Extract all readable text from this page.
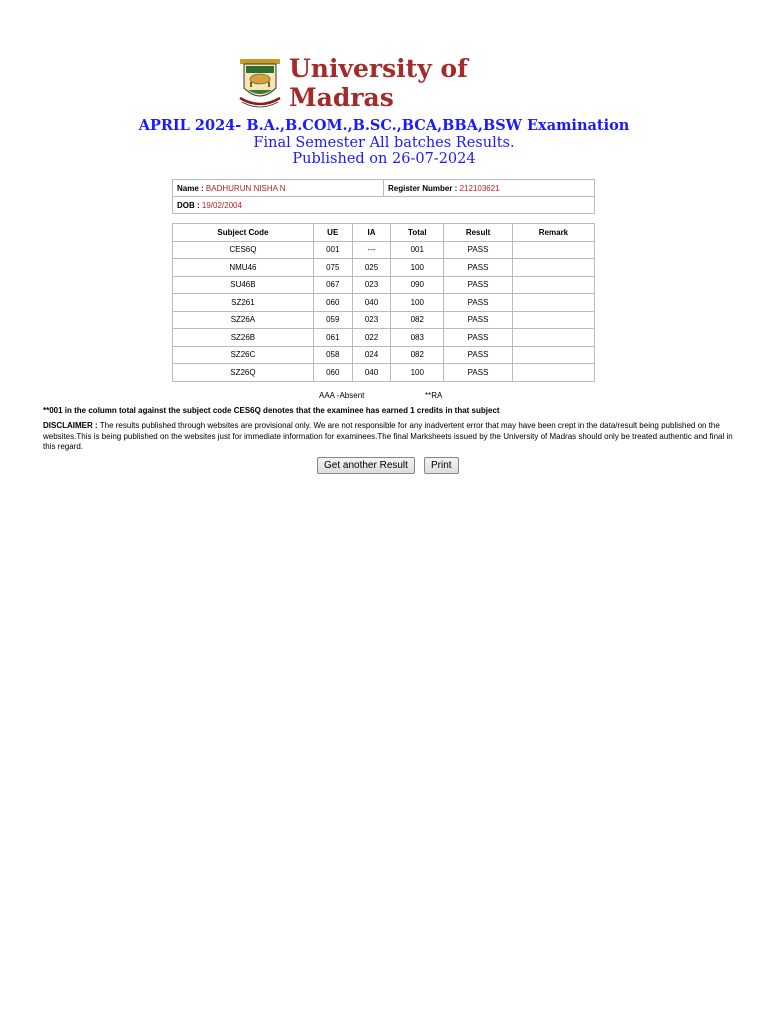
University of Madras
APRIL 2024- B.A.,B.COM.,B.SC.,BCA,BBA,BSW Examination Final Semester All batches Results.
Published on 26-07-2024
Name : BADHURUN NISHA N	Register Number : 212103621
DOB : 19/02/2004
Subject Code	UE	IA	Total	Result	Remark
CES6Q	001	---	001	PASS	
NMU46	075	025	100	PASS	
SU46B	067	023	090	PASS	
SZ261	060	040	100	PASS	
SZ26A	059	023	082	PASS	
SZ26B	061	022	083	PASS	
SZ26C	058	024	082	PASS	
SZ26Q	060	040	100	PASS	
AAA -Absent	**RA
**001 in the column total against the subject code CES6Q denotes that the examinee has earned 1 credits in that subject
DISCLAIMER : The results published through websites are provisional only. We are not responsible for any inadvertent error that may have been crept in the data/result being published on the websites.This is being published on the websites just for immediate information for examinees.The final Marksheets issued by the University of Madras should only be treated authentic and final in this regard.
Get another Result	Print
